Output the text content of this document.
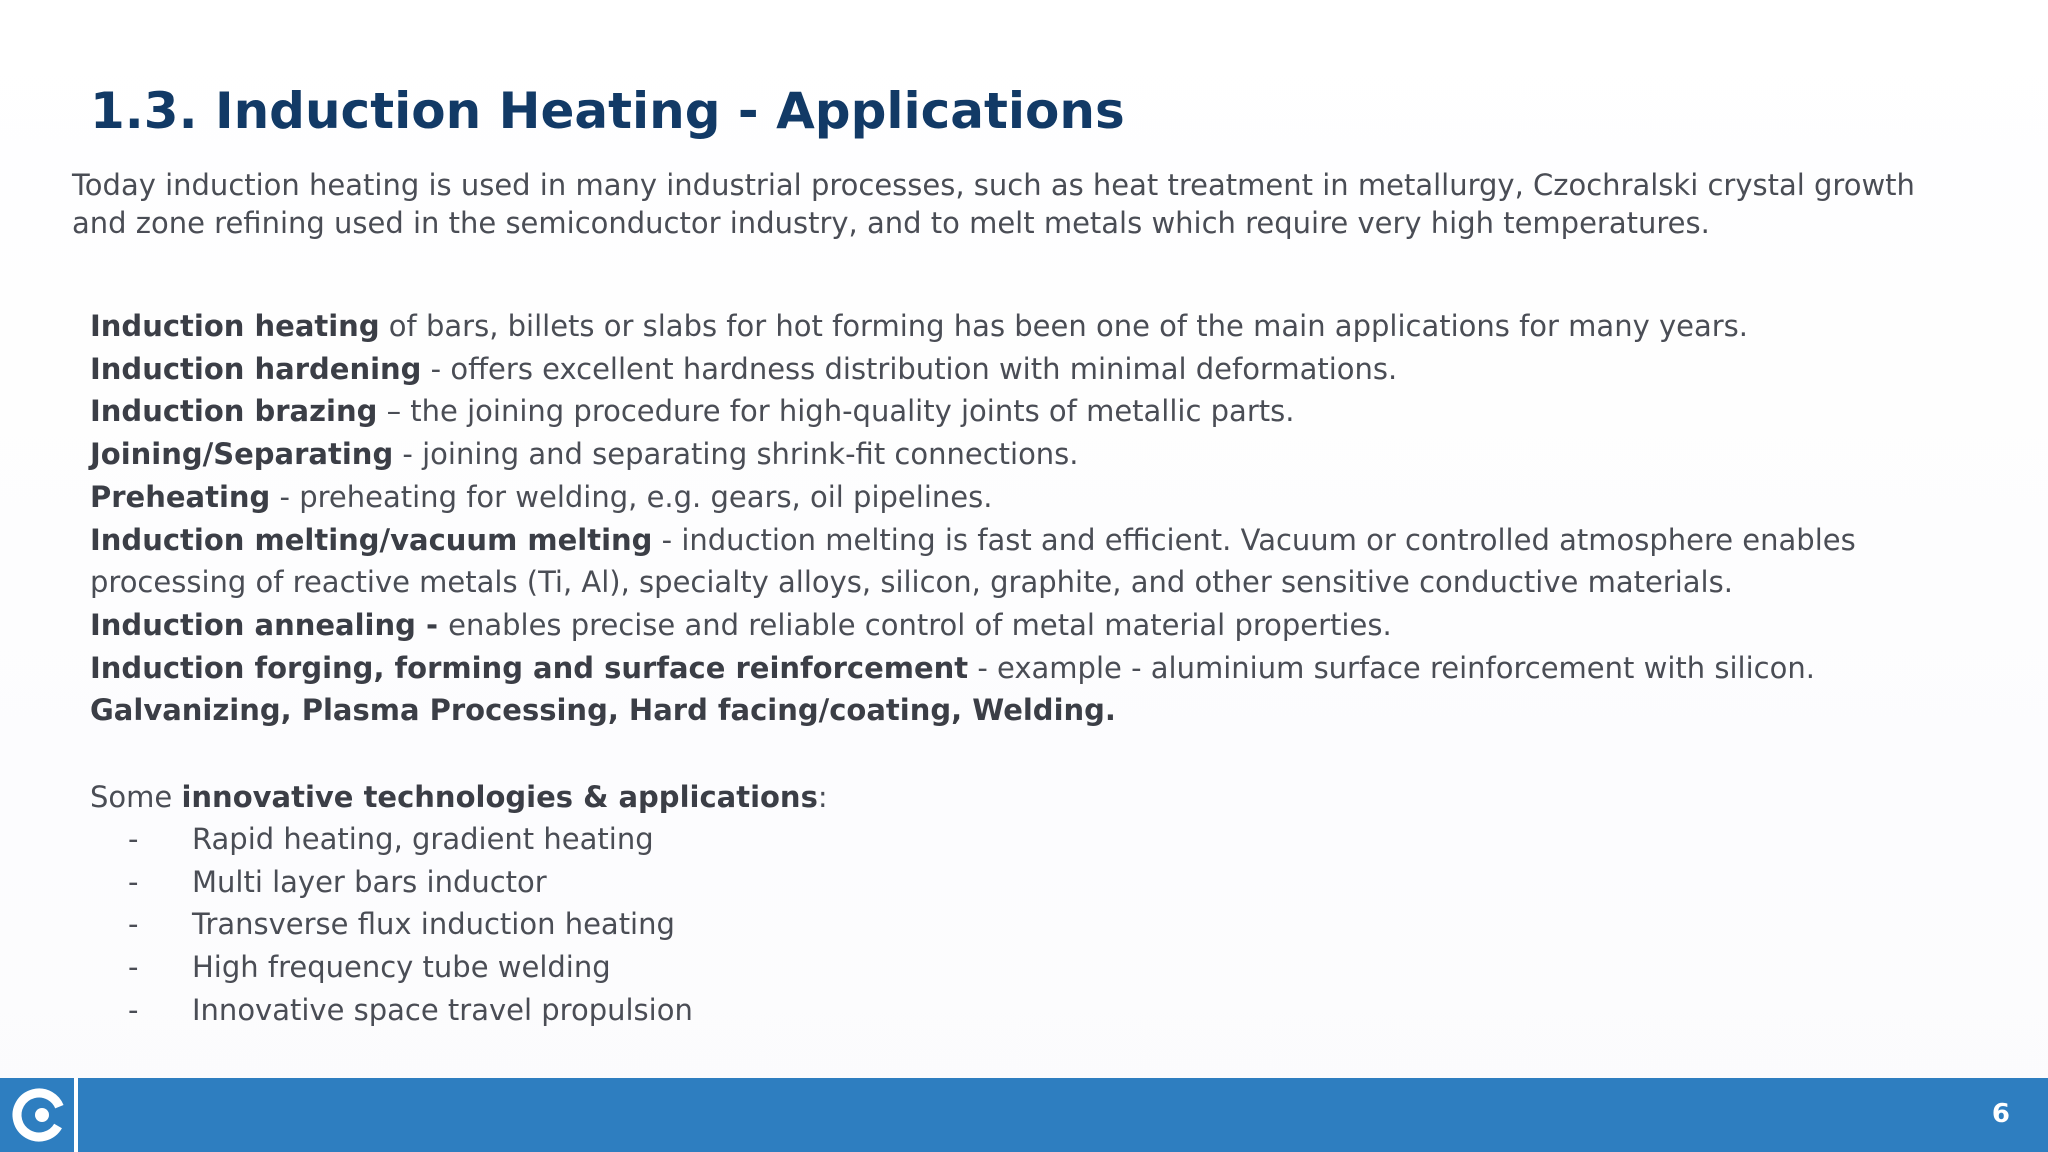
1.3. Induction Heating - Applications

Today induction heating is used in many industrial processes, such as heat treatment in metallurgy, Czochralski crystal growth

and zone refining used in the semiconductor industry, and to melt metals which require very high temperatures.

Induction heating of bars, billets or slabs for hot forming has been one of the main applications for many years.

Induction hardening - offers excellent hardness distribution with minimal deformations.

Induction brazing – the joining procedure for high-quality joints of metallic parts.

Joining/Separating - joining and separating shrink-fit connections.

Preheating - preheating for welding, e.g. gears, oil pipelines.

Induction melting/vacuum melting - induction melting is fast and efficient. Vacuum or controlled atmosphere enables

processing of reactive metals (Ti, Al), specialty alloys, silicon, graphite, and other sensitive conductive materials.

Induction annealing - enables precise and reliable control of metal material properties.

Induction forging, forming and surface reinforcement - example - aluminium surface reinforcement with silicon.

Galvanizing, Plasma Processing, Hard facing/coating, Welding.

Some innovative technologies & applications:
- Rapid heating, gradient heating
- Multi layer bars inductor
- Transverse flux induction heating
- High frequency tube welding
- Innovative space travel propulsion
6
